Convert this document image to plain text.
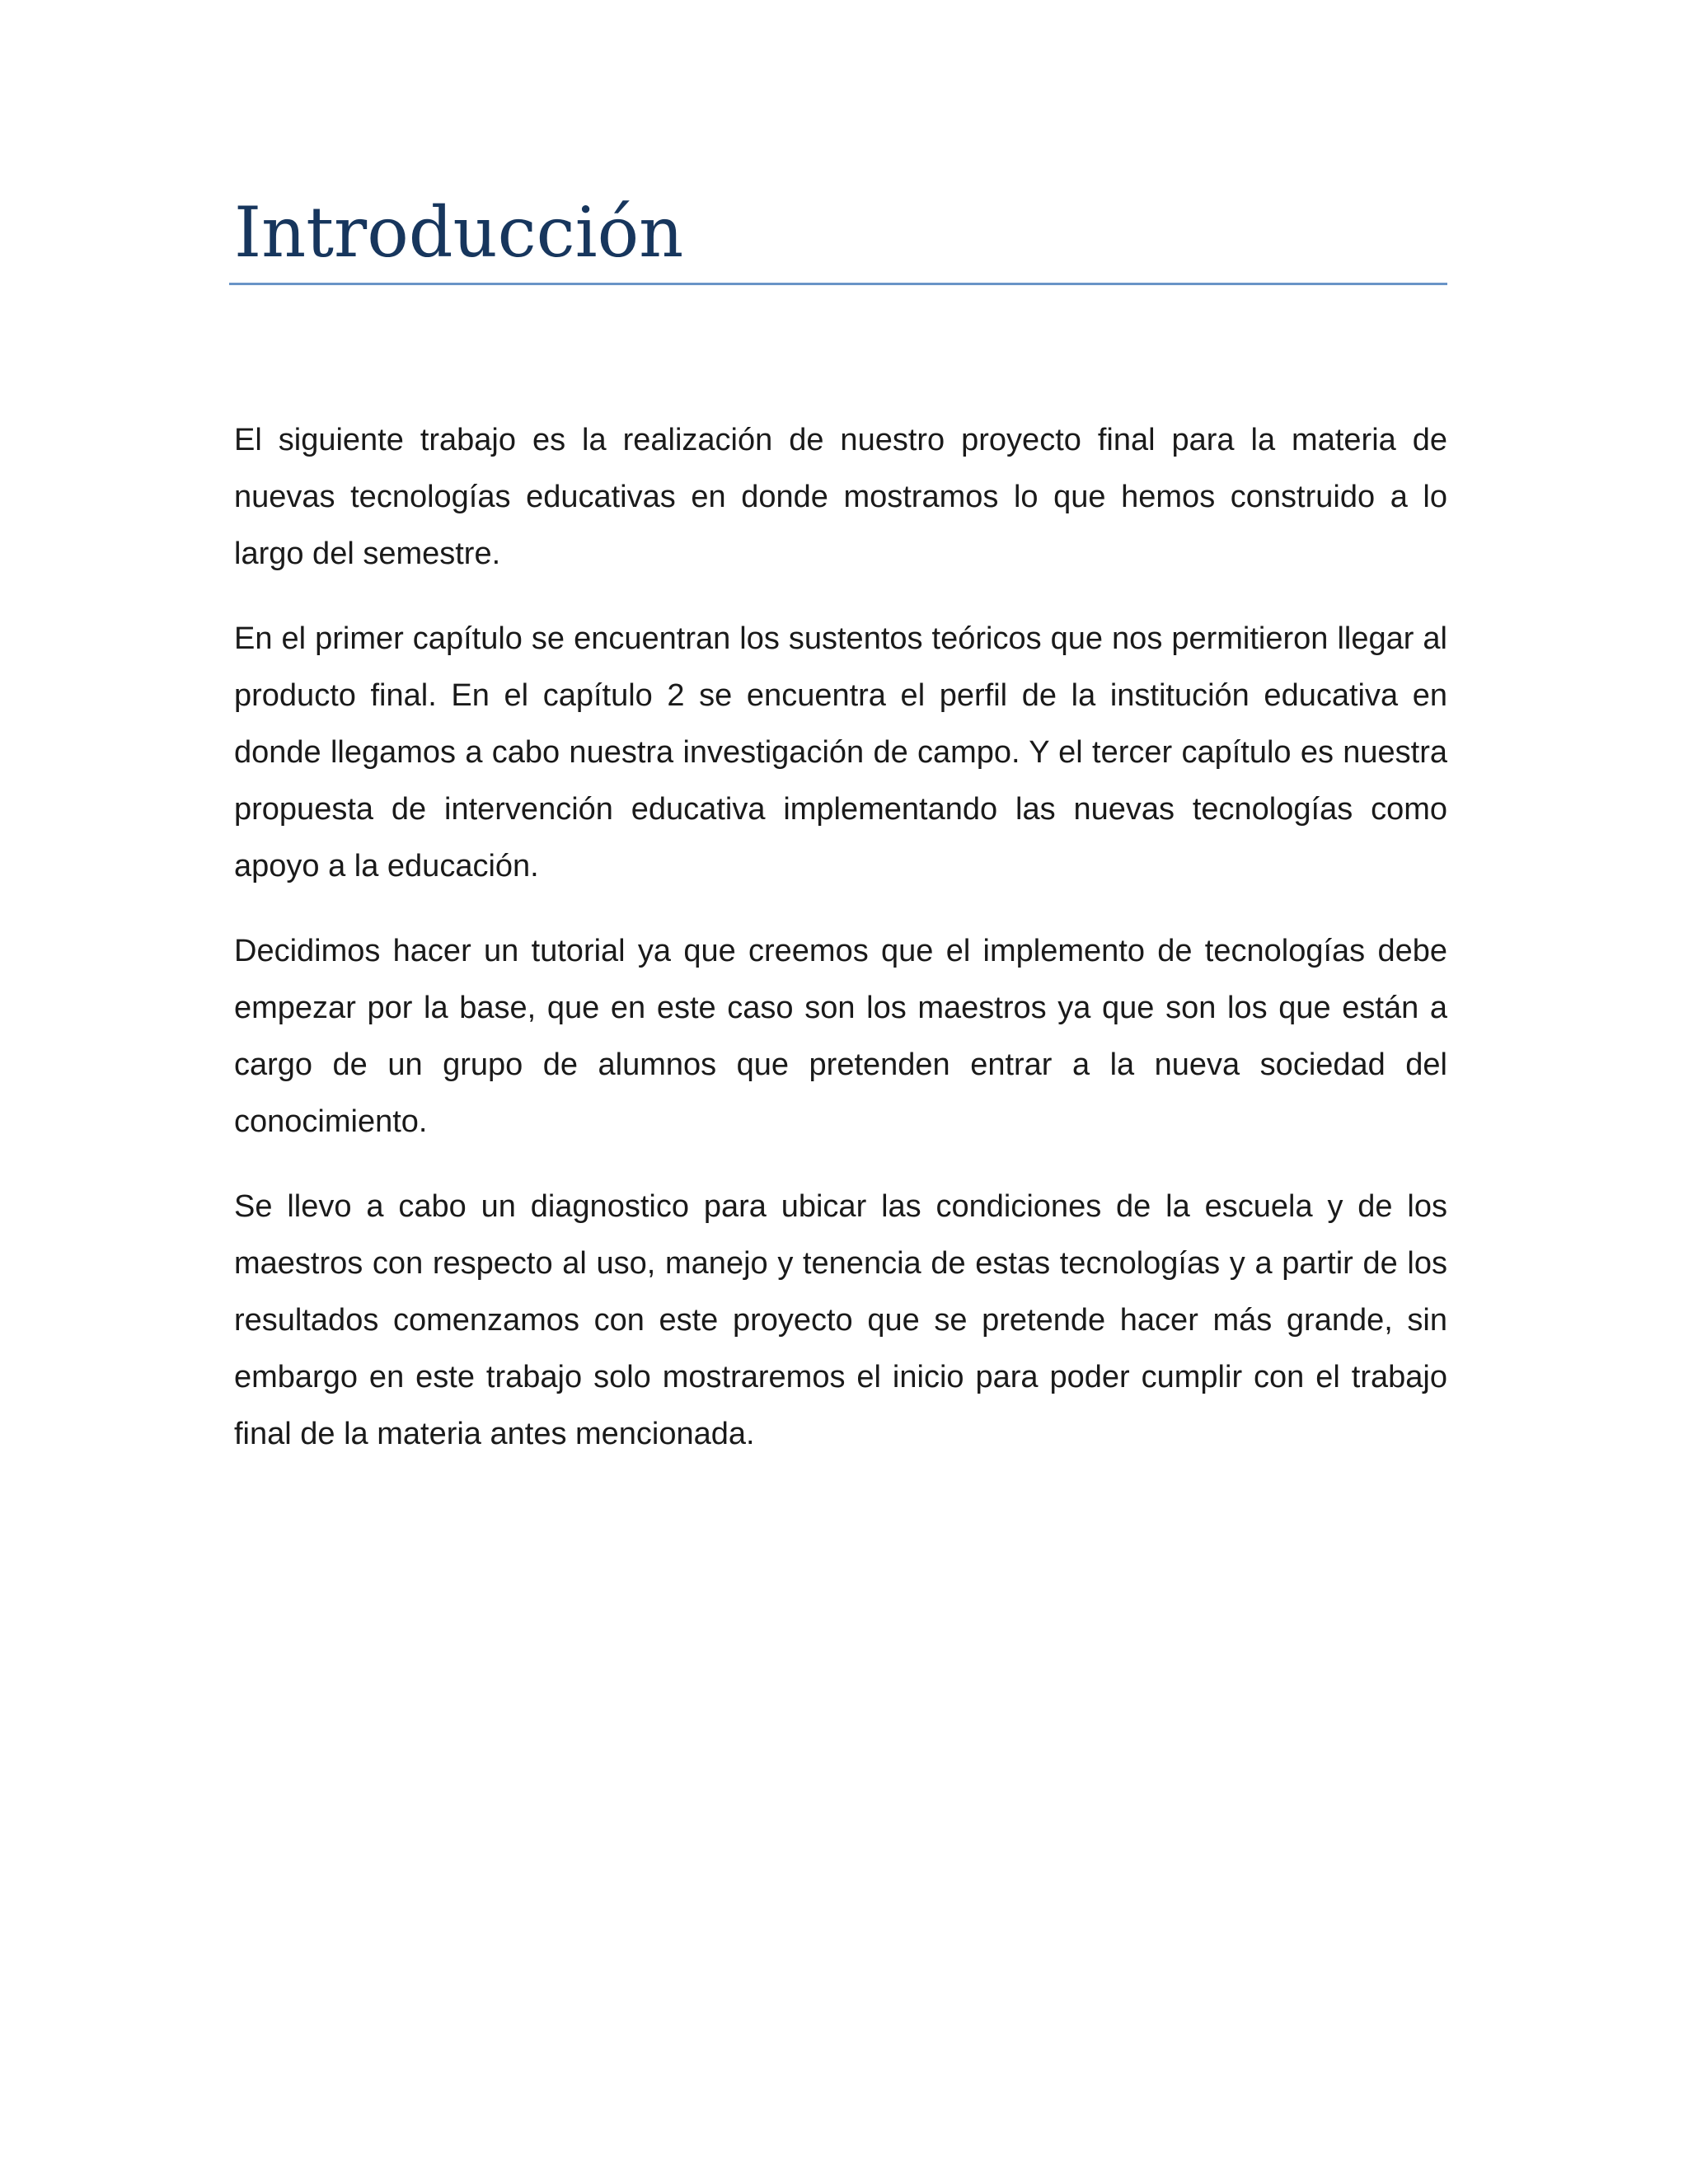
Introducción

El siguiente trabajo es la realización de nuestro proyecto final para la materia de nuevas tecnologías educativas en donde mostramos lo que hemos construido a lo largo del semestre.

En el primer capítulo se encuentran los sustentos teóricos que nos permitieron llegar al producto final. En el capítulo 2 se encuentra el perfil de la institución educativa en donde llegamos a cabo nuestra investigación de campo. Y el tercer capítulo es nuestra propuesta de intervención educativa implementando las nuevas tecnologías como apoyo a la educación.

Decidimos hacer un tutorial ya que creemos que el implemento de tecnologías debe empezar por la base, que en este caso son los maestros ya que son los que están a cargo de un grupo de alumnos que pretenden entrar a la nueva sociedad del conocimiento.

Se llevo a cabo un diagnostico para ubicar las condiciones de la escuela y de los maestros con respecto al uso, manejo y tenencia de estas tecnologías y a partir de los resultados comenzamos con este proyecto que se pretende hacer más grande, sin embargo en este trabajo solo mostraremos el inicio para poder cumplir con el trabajo final de la materia antes mencionada.
